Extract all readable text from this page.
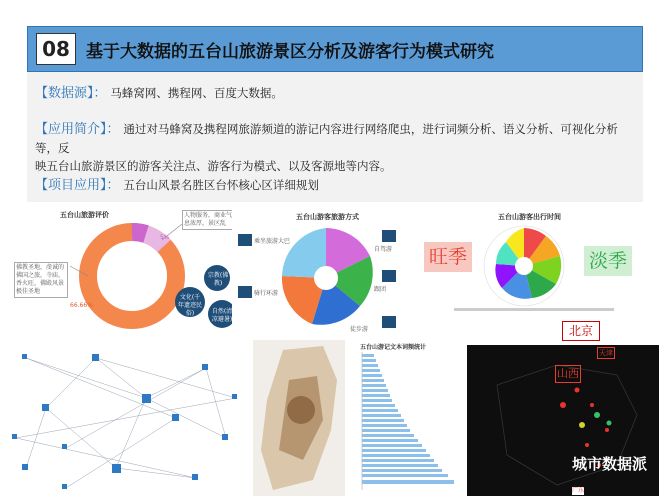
08 基于大数据的五台山旅游景区分析及游客行为模式研究
【数据源】： 马蜂窝网、携程网、百度大数据。
【应用简介】： 通过对马蜂窝及携程网旅游频道的游记内容进行网络爬虫，进行词频分析、语义分析、可视化分析等，反
映五台山旅游景区的游客关注点、游客行为模式、以及客源地等内容。
【项目应用】： 五台山风景名胜区台怀核心区详细规划
五台山旅游评价	人物服务，商业气息浓厚，景区乱
佛教圣地，虔诚的佛国之旅，寺庙，香火旺，佛殿风景极佳圣地
5%
66.66%
宗教(佛教)
文化(千年遗迹民俗)	自然(清凉避暑)
五台山游客旅游方式
乘坐旅游大巴
自驾游
跟团
骑行环游
徒步游
五台山游客出行时间
旺季	淡季
五台山游记文本词频统计
北京
天津
山西
广东
城市数据派
